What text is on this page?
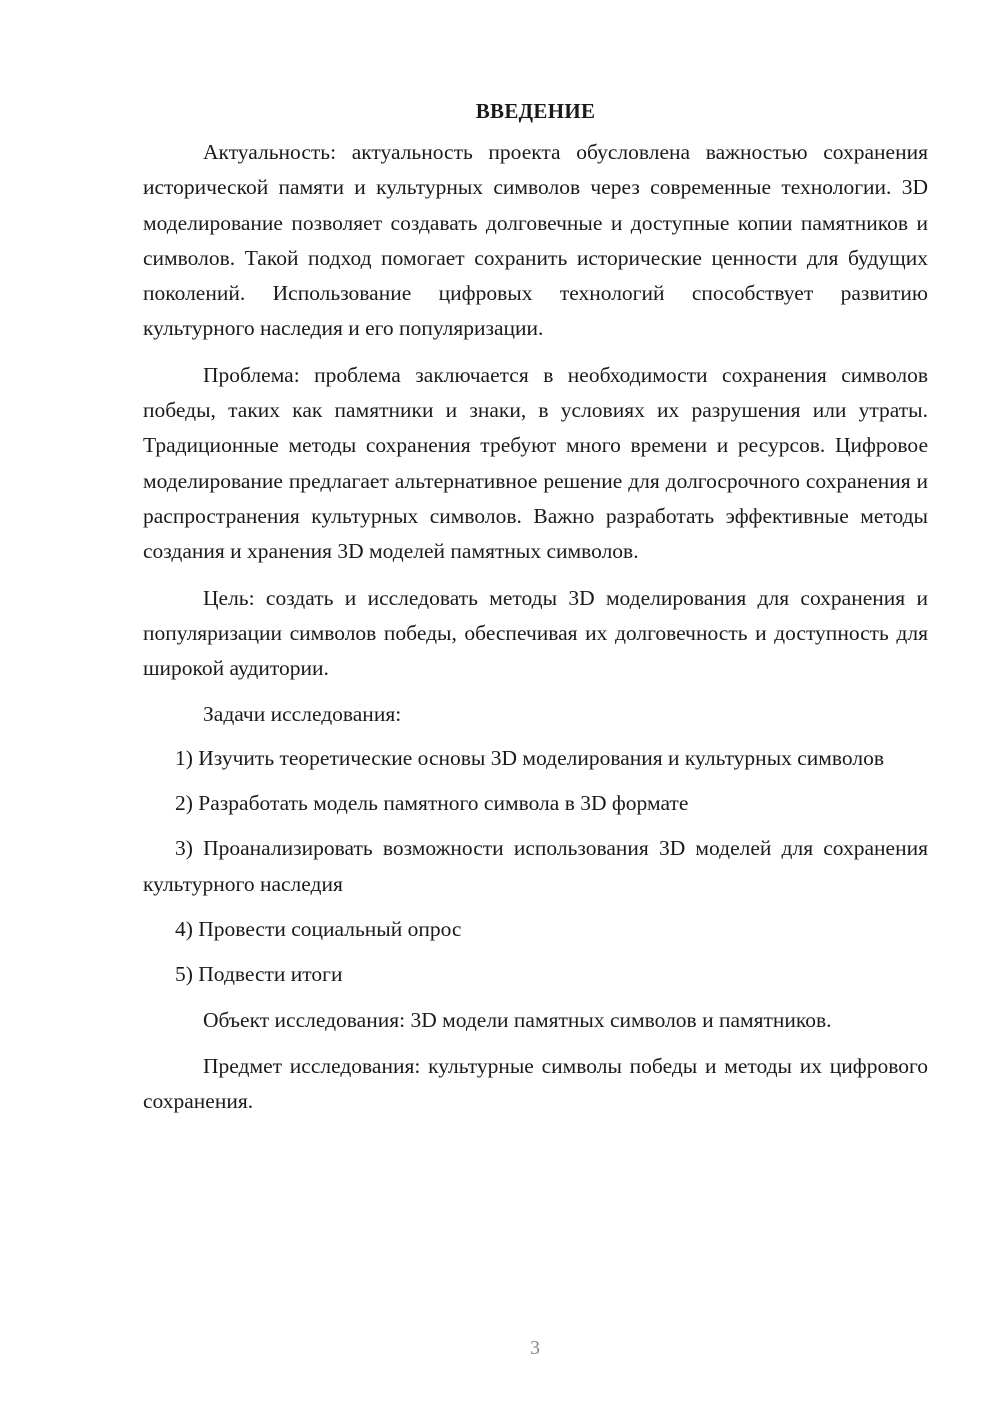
ВВЕДЕНИЕ

Актуальность: актуальность проекта обусловлена важностью сохранения исторической памяти и культурных символов через современные технологии. 3D моделирование позволяет создавать долговечные и доступные копии памятников и символов. Такой подход помогает сохранить исторические ценности для будущих поколений. Использование цифровых технологий способствует развитию культурного наследия и его популяризации.

Проблема: проблема заключается в необходимости сохранения символов победы, таких как памятники и знаки, в условиях их разрушения или утраты. Традиционные методы сохранения требуют много времени и ресурсов. Цифровое моделирование предлагает альтернативное решение для долгосрочного сохранения и распространения культурных символов. Важно разработать эффективные методы создания и хранения 3D моделей памятных символов.

Цель: создать и исследовать методы 3D моделирования для сохранения и популяризации символов победы, обеспечивая их долговечность и доступность для широкой аудитории.

Задачи исследования:

1) Изучить теоретические основы 3D моделирования и культурных символов

2) Разработать модель памятного символа в 3D формате

3) Проанализировать возможности использования 3D моделей для сохранения культурного наследия

4) Провести социальный опрос

5) Подвести итоги

Объект исследования: 3D модели памятных символов и памятников.

Предмет исследования: культурные символы победы и методы их цифрового сохранения.

3
